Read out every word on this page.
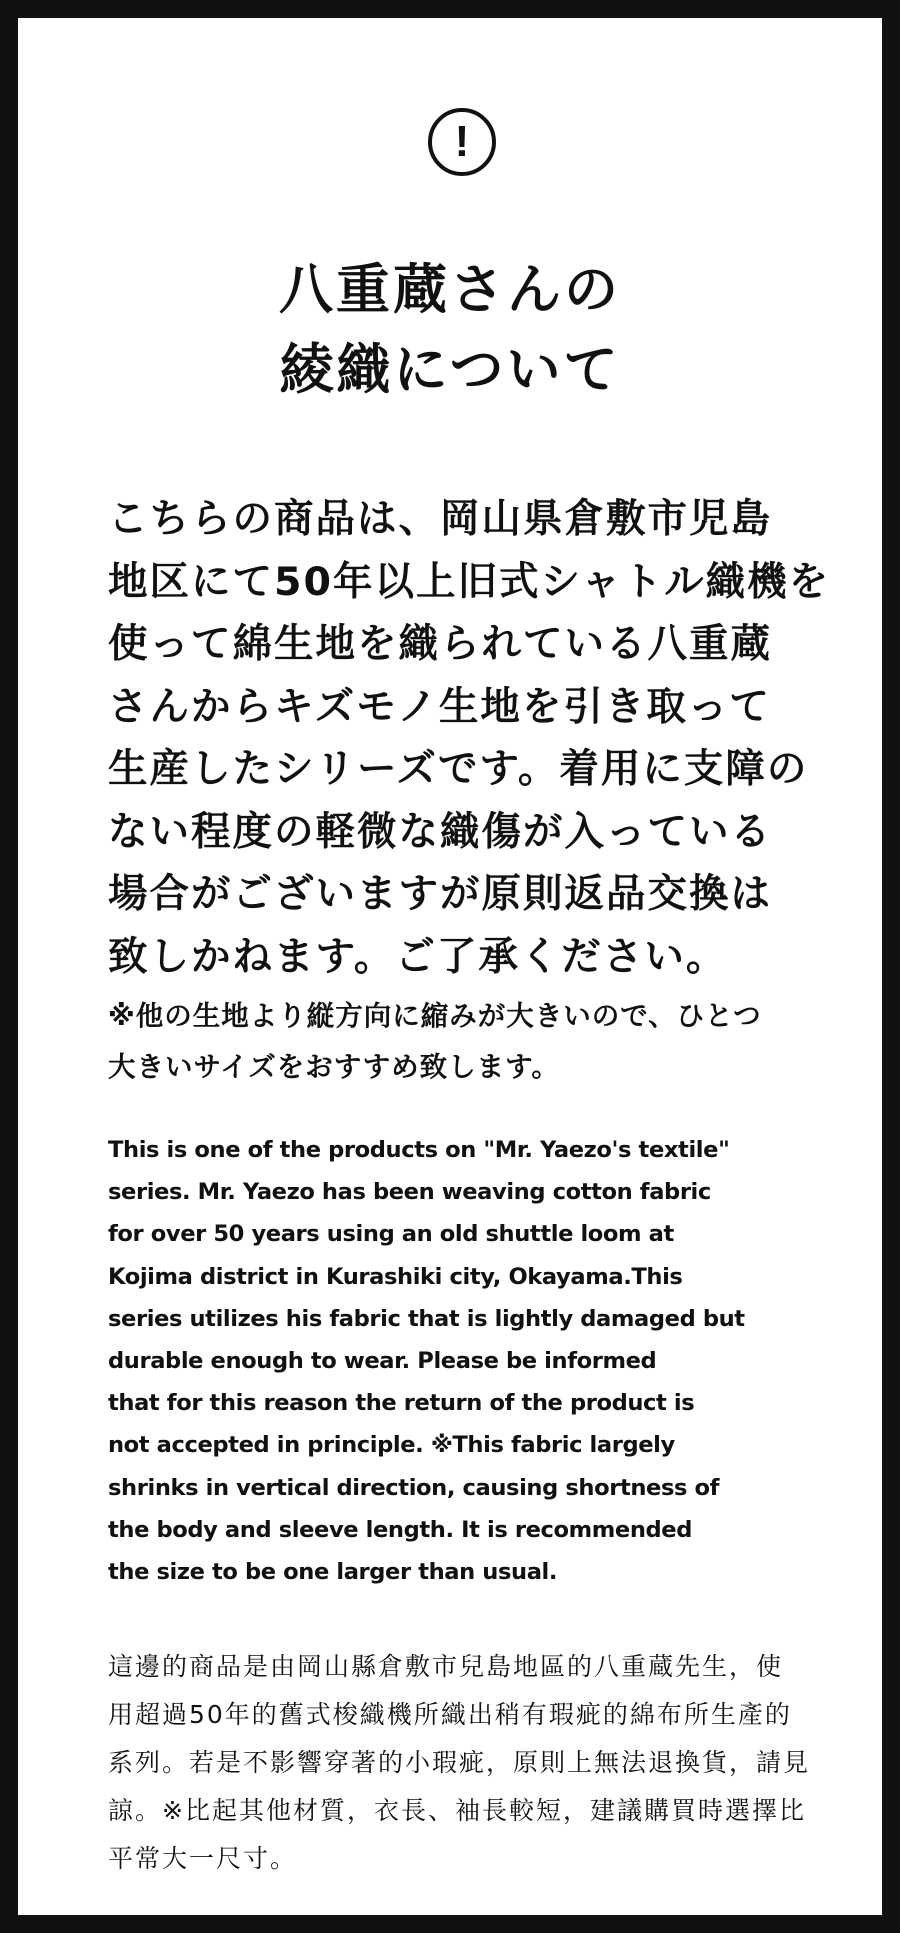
!
八重蔵さんの
綾織について
こちらの商品は、岡山県倉敷市児島
地区にて50年以上旧式シャトル織機を
使って綿生地を織られている八重蔵
さんからキズモノ生地を引き取って
生産したシリーズです。着用に支障の
ない程度の軽微な織傷が入っている
場合がございますが原則返品交換は
致しかねます。ご了承ください。
※他の生地より縦方向に縮みが大きいので、ひとつ
大きいサイズをおすすめ致します。
This is one of the products on "Mr. Yaezo's textile"
series. Mr. Yaezo has been weaving cotton fabric
for over 50 years using an old shuttle loom at
Kojima district in Kurashiki city, Okayama.This
series utilizes his fabric that is lightly damaged but
durable enough to wear. Please be informed
that for this reason the return of the product is
not accepted in principle. ※This fabric largely
shrinks in vertical direction, causing shortness of
the body and sleeve length. It is recommended
the size to be one larger than usual.
這邊的商品是由岡山縣倉敷市兒島地區的八重蔵先生，使
用超過50年的舊式梭織機所織出稍有瑕疵的綿布所生產的
系列。若是不影響穿著的小瑕疵，原則上無法退換貨，請見
諒。※比起其他材質，衣長、袖長較短，建議購買時選擇比
平常大一尺寸。
